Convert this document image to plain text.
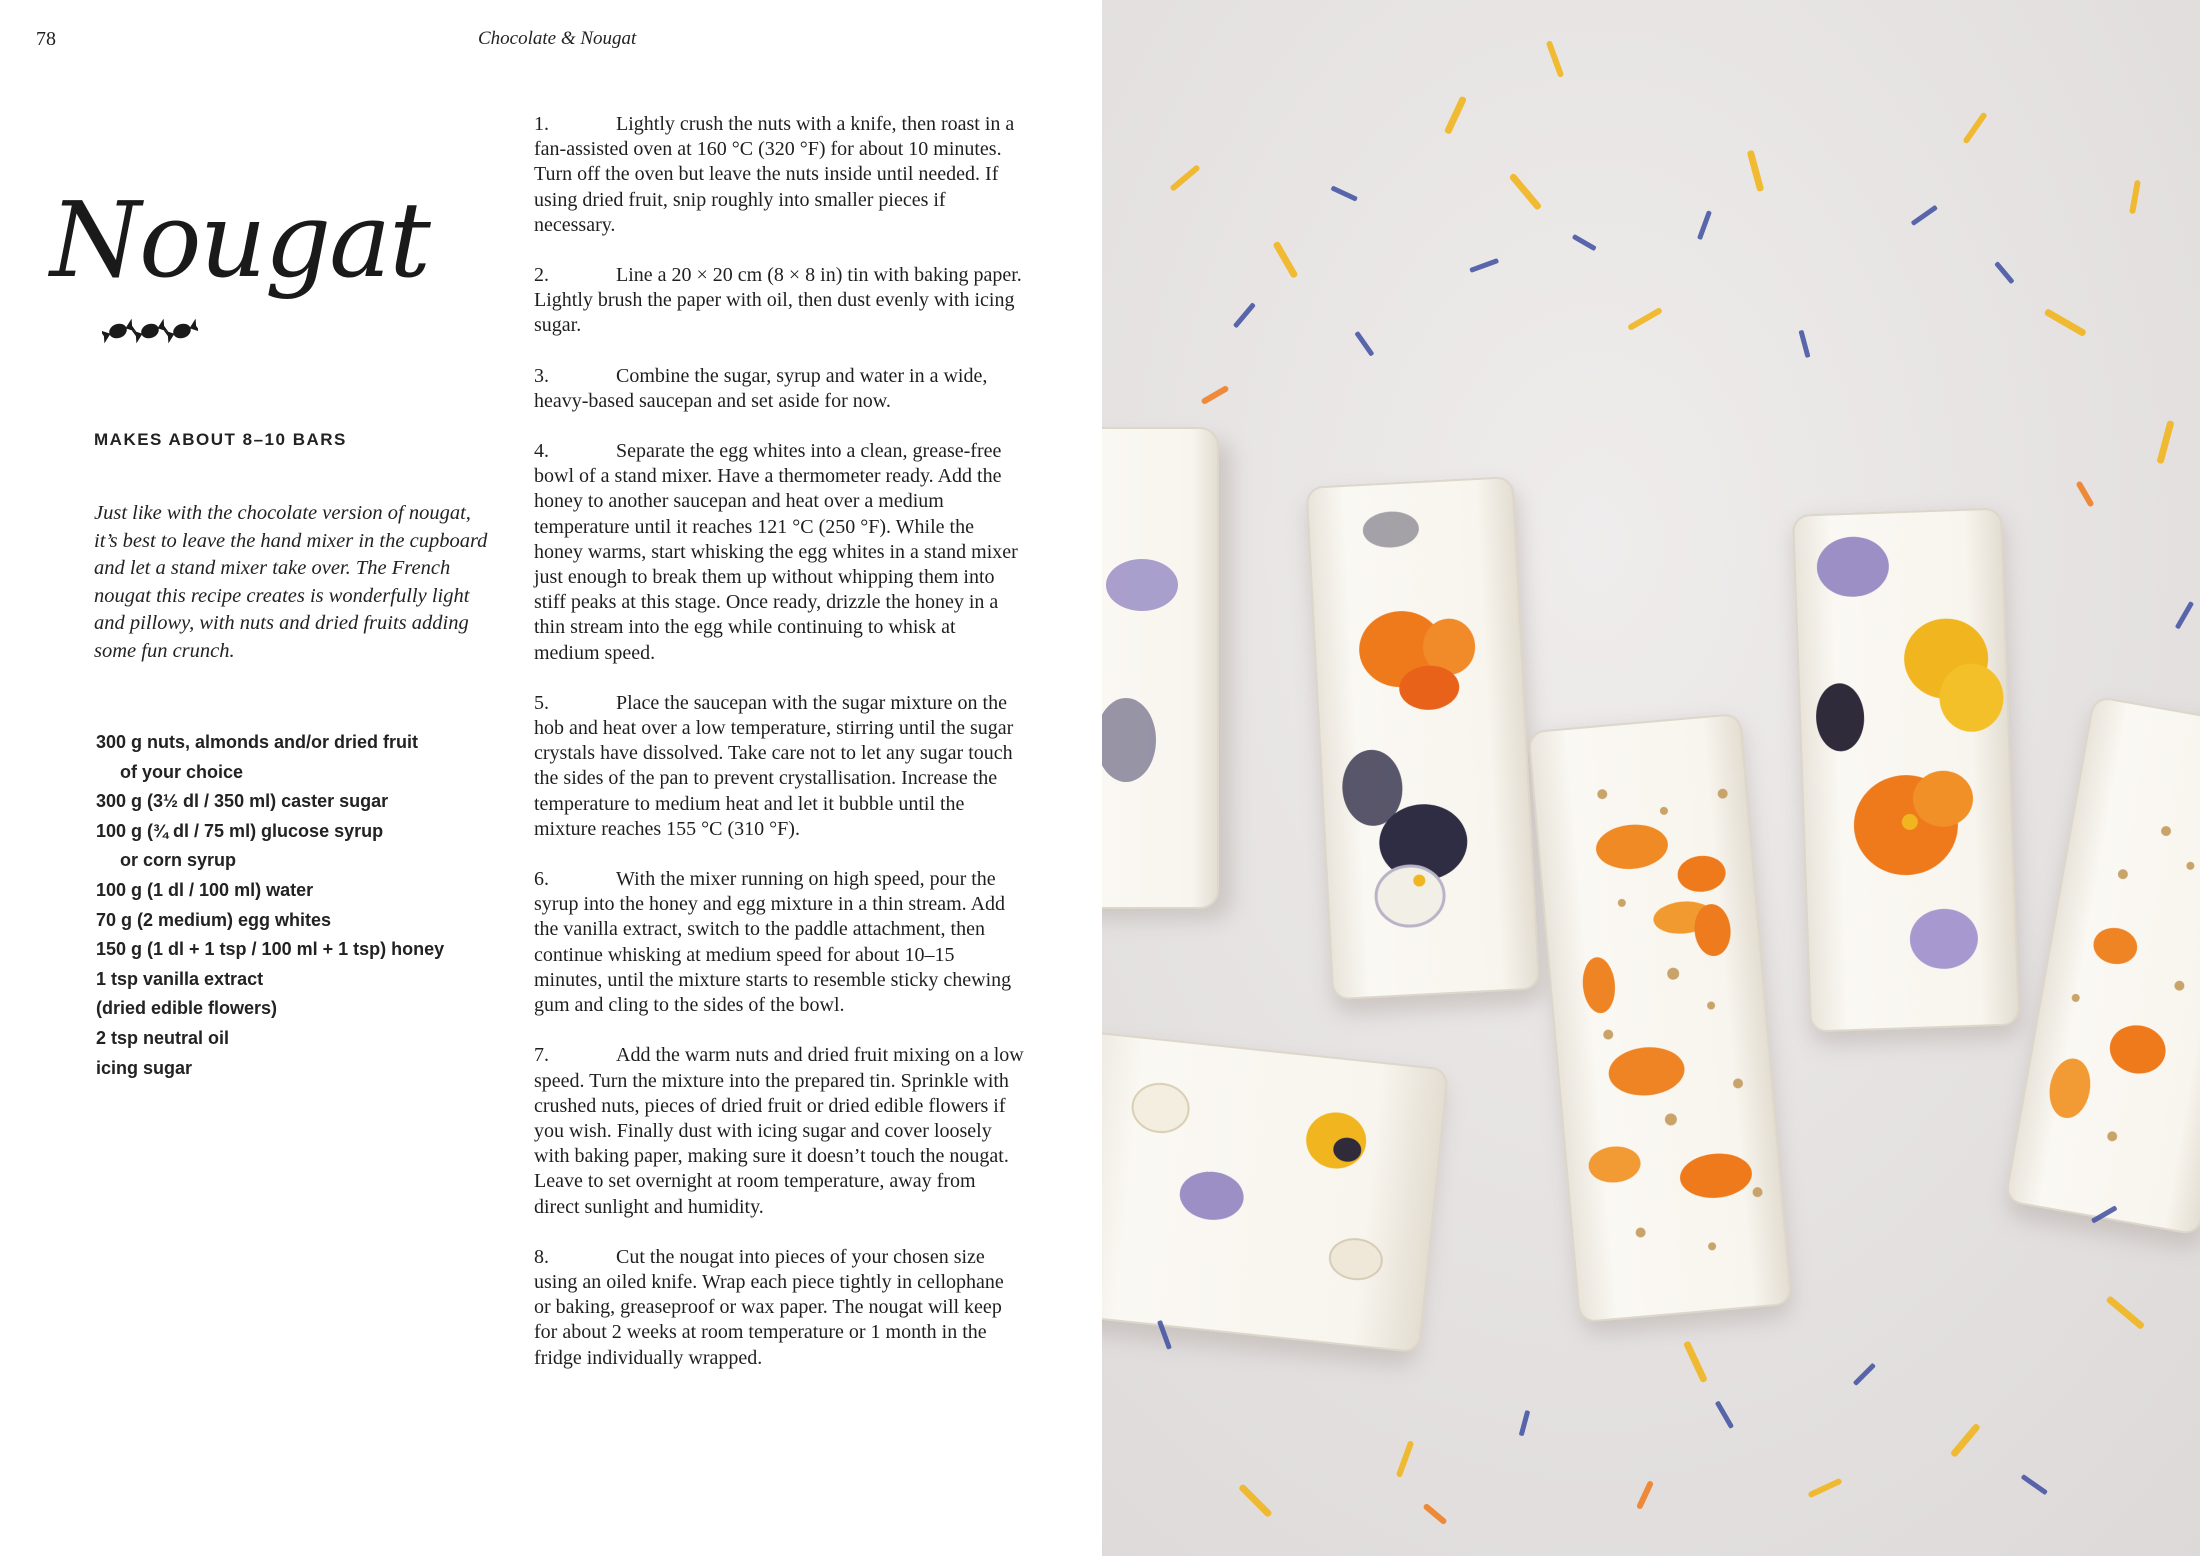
78	Chocolate & Nougat
Nougat
MAKES ABOUT 8–10 BARS

Just like with the chocolate version of nougat, it’s best to leave the hand mixer in the cupboard and let a stand mixer take over. The French nougat this recipe creates is wonderfully light and pillowy, with nuts and dried fruits adding some fun crunch.

300 g nuts, almonds and/or dried fruit
of your choice
300 g (3½ dl / 350 ml) caster sugar
100 g (¾ dl / 75 ml) glucose syrup
or corn syrup
100 g (1 dl / 100 ml) water
70 g (2 medium) egg whites
150 g (1 dl + 1 tsp / 100 ml + 1 tsp) honey
1 tsp vanilla extract
(dried edible flowers)
2 tsp neutral oil
icing sugar

1.	Lightly crush the nuts with a knife, then roast in a fan-assisted oven at 160 °C (320 °F) for about 10 minutes. Turn off the oven but leave the nuts inside until needed. If using dried fruit, snip roughly into smaller pieces if necessary.

2.	Line a 20 × 20 cm (8 × 8 in) tin with baking paper. Lightly brush the paper with oil, then dust evenly with icing sugar.

3.	Combine the sugar, syrup and water in a wide, heavy-based saucepan and set aside for now.

4.	Separate the egg whites into a clean, grease-free bowl of a stand mixer. Have a thermometer ready. Add the honey to another saucepan and heat over a medium temperature until it reaches 121 °C (250 °F). While the honey warms, start whisking the egg whites in a stand mixer just enough to break them up without whipping them into stiff peaks at this stage. Once ready, drizzle the honey in a thin stream into the egg while continuing to whisk at medium speed.

5.	Place the saucepan with the sugar mixture on the hob and heat over a low temperature, stirring until the sugar crystals have dissolved. Take care not to let any sugar touch the sides of the pan to prevent crystallisation. Increase the temperature to medium heat and let it bubble until the mixture reaches 155 °C (310 °F).

6.	With the mixer running on high speed, pour the syrup into the honey and egg mixture in a thin stream. Add the vanilla extract, switch to the paddle attachment, then continue whisking at medium speed for about 10–15 minutes, until the mixture starts to resemble sticky chewing gum and cling to the sides of the bowl.

7.	Add the warm nuts and dried fruit mixing on a low speed. Turn the mixture into the prepared tin. Sprinkle with crushed nuts, pieces of dried fruit or dried edible flowers if you wish. Finally dust with icing sugar and cover loosely with baking paper, making sure it doesn’t touch the nougat. Leave to set overnight at room temperature, away from direct sunlight and humidity.

8.	Cut the nougat into pieces of your chosen size using an oiled knife. Wrap each piece tightly in cellophane or baking, greaseproof or wax paper. The nougat will keep for about 2 weeks at room temperature or 1 month in the fridge individually wrapped.
